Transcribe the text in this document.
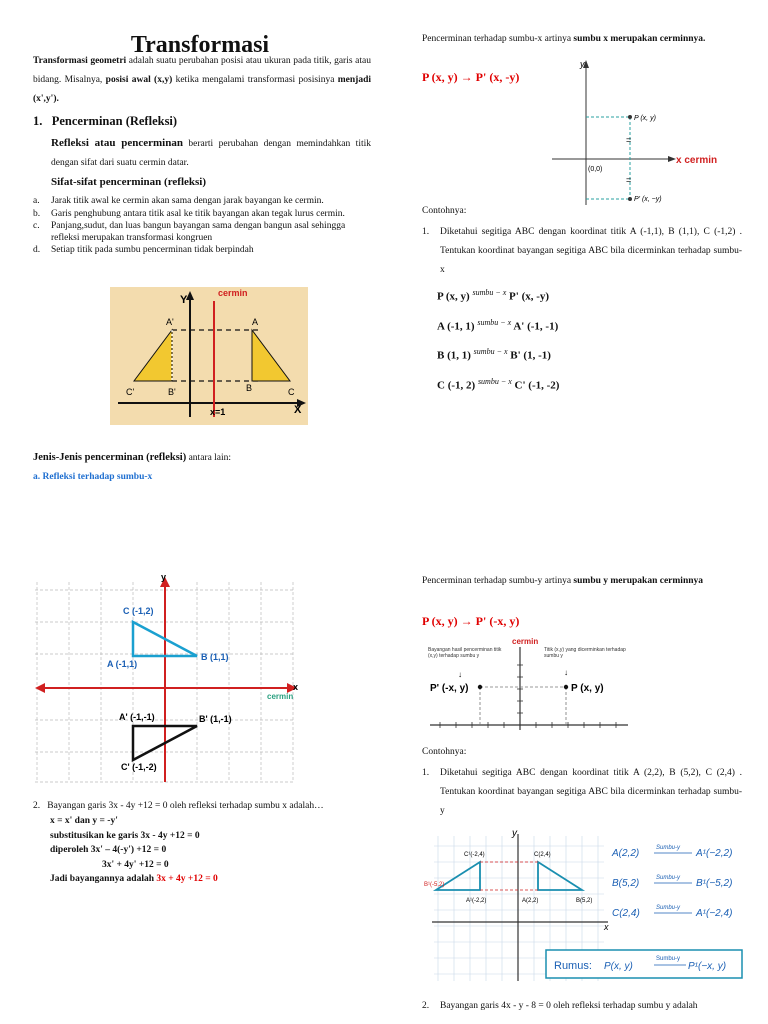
Transformasi
Transformasi geometri adalah suatu perubahan posisi atau ukuran pada titik, garis atau bidang. Misalnya, posisi awal (x,y) ketika mengalami transformasi posisinya menjadi (x',y').
1. Pencerminan (Refleksi)
Refleksi atau pencerminan berarti perubahan dengan memindahkan titik dengan sifat dari suatu cermin datar.
Sifat-sifat pencerminan (refleksi)
a. Jarak titik awal ke cermin akan sama dengan jarak bayangan ke cermin.
b. Garis penghubung antara titik asal ke titik bayangan akan tegak lurus cermin.
c. Panjang,sudut, dan luas bangun bayangan sama dengan bangun asal sehingga refleksi merupakan transformasi kongruen
d. Setiap titik pada sumbu pencerminan tidak berpindah
cermin
Y
X
x=1
A'
B'
C'
A
B	C
Jenis-Jenis pencerminan (refleksi) antara lain:
a. Refleksi terhadap sumbu-x
Pencerminan terhadap sumbu-x artinya sumbu x merupakan cerminnya.
P (x, y) → P' (x, -y)
=
=
y
(0,0)
P (x, y)
P' (x, −y)
x cermin
Contohnya:
1.	Diketahui segitiga ABC dengan koordinat titik A (-1,1), B (1,1), C (-1,2) . Tentukan koordinat bayangan segitiga ABC bila dicerminkan terhadap sumbu-x
P (x, y) $^{sumbu - x}$ P' (x, -y)
A (-1, 1) $^{sumbu - x}$ A' (-1, -1)
B (1, 1) $^{sumbu - x}$ B' (1, -1)
C (-1, 2) $^{sumbu - x}$ C' (-1, -2)
y
x
cermin
C (-1,2)
A (-1,1)
B (1,1)
A' (-1,-1)	B' (1,-1)
C' (-1,-2)
2. Bayangan garis 3x - 4y +12 = 0 oleh refleksi terhadap sumbu x adalah…
x = x' dan y = -y'
substitusikan ke garis 3x - 4y +12 = 0
diperoleh 3x' – 4(-y') +12 = 0
3x' + 4y' +12 = 0
Jadi bayangannya adalah 3x + 4y +12 = 0
Pencerminan terhadap sumbu-y artinya sumbu y merupakan cerminnya
P (x, y) → P' (-x, y)
cermin
Bayangan hasil pencerminan titik (x,y) terhadap sumbu y
Titik (x,y) yang dicerminkan terhadap sumbu y
↓	↓
P' (-x, y)	P (x, y)
Contohnya:
1.	Diketahui segitiga ABC dengan koordinat titik A (2,2), B (5,2), C (2,4) . Tentukan koordinat bayangan segitiga ABC bila dicerminkan terhadap sumbu-y
y
x
C¹(-2,4)	C(2,4)
B¹(-5,2)
A¹(-2,2)	A(2,2)	B(5,2)
A(2,2)	Sumbu-y A¹(−2,2)
B(5,2)	Sumbu-y B¹(−5,2)
C(2,4)	Sumbu-y A¹(−2,4)
Rumus: P(x, y)
Sumbu-y
P¹(−x, y)
2.	Bayangan garis 4x - y - 8 = 0 oleh refleksi terhadap sumbu y adalah
